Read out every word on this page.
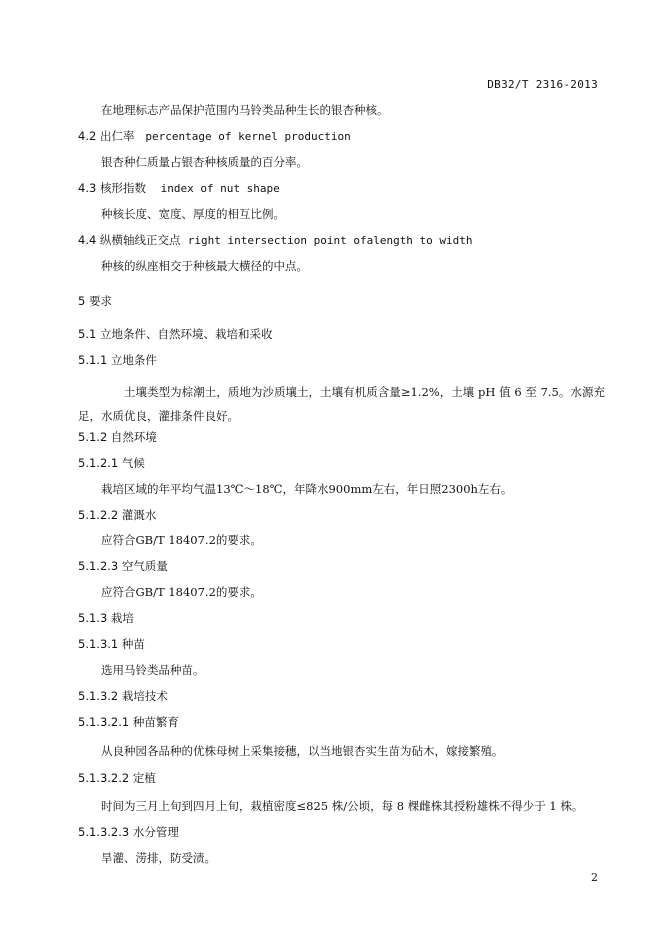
DB32/T 2316-2013
在地理标志产品保护范围内马铃类品种生长的银杏种核。
4.2 出仁率 percentage of kernel production
银杏种仁质量占银杏种核质量的百分率。
4.3 核形指数 index of nut shape
种核长度、宽度、厚度的相互比例。
4.4 纵横轴线正交点 right intersection point ofalength to width
种核的纵座相交于种核最大横径的中点。
5 要求
5.1 立地条件、自然环境、栽培和采收
5.1.1 立地条件
土壤类型为棕潮土，质地为沙质壤土，土壤有机质含量≥1.2%，土壤 pH 值 6 至 7.5。水源充足，水质优良，灌排条件良好。
5.1.2 自然环境
5.1.2.1 气候
栽培区域的年平均气温13℃～18℃，年降水900mm左右，年日照2300h左右。
5.1.2.2 灌溉水
应符合GB/T 18407.2的要求。
5.1.2.3 空气质量
应符合GB/T 18407.2的要求。
5.1.3 栽培
5.1.3.1 种苗
选用马铃类品种苗。
5.1.3.2 栽培技术
5.1.3.2.1 种苗繁育
从良种园各品种的优株母树上采集接穗，以当地银杏实生苗为砧木，嫁接繁殖。
5.1.3.2.2 定植
时间为三月上旬到四月上旬，栽植密度≤825 株/公顷，每 8 棵雌株其授粉雄株不得少于 1 株。
5.1.3.2.3 水分管理
旱灌、涝排，防受渍。
2
